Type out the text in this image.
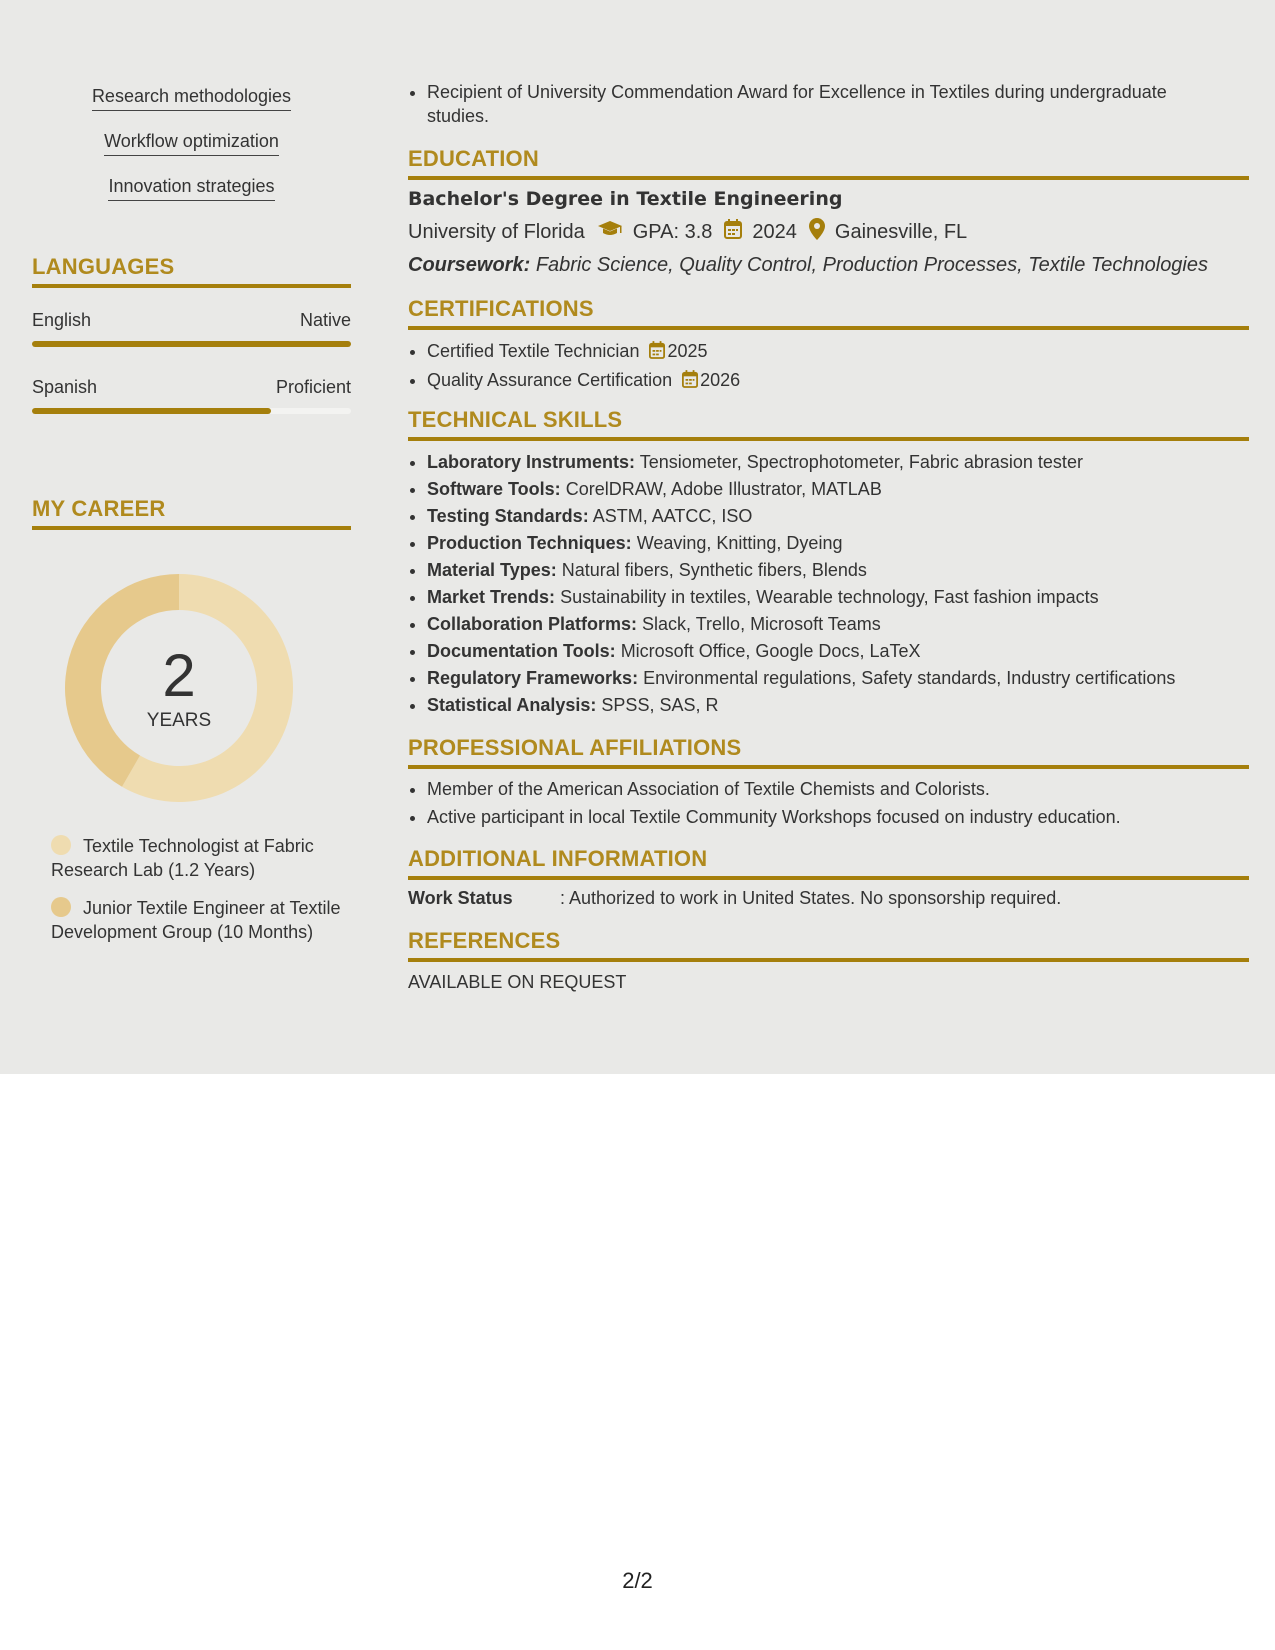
Research methodologies
Workflow optimization
Innovation strategies
LANGUAGES
English	Native
Spanish	Proficient
MY CAREER
2
YEARS
Textile Technologist at Fabric Research Lab (1.2 Years)
Junior Textile Engineer at Textile Development Group (10 Months)
• Recipient of University Commendation Award for Excellence in Textiles during undergraduate studies.
EDUCATION
Bachelor's Degree in Textile Engineering
University of Florida GPA: 3.8 2024 Gainesville, FL
Coursework: Fabric Science, Quality Control, Production Processes, Textile Technologies
CERTIFICATIONS
• Certified Textile Technician 2025
• Quality Assurance Certification 2026
TECHNICAL SKILLS
• Laboratory Instruments: Tensiometer, Spectrophotometer, Fabric abrasion tester
• Software Tools: CorelDRAW, Adobe Illustrator, MATLAB
• Testing Standards: ASTM, AATCC, ISO
• Production Techniques: Weaving, Knitting, Dyeing
• Material Types: Natural fibers, Synthetic fibers, Blends
• Market Trends: Sustainability in textiles, Wearable technology, Fast fashion impacts
• Collaboration Platforms: Slack, Trello, Microsoft Teams
• Documentation Tools: Microsoft Office, Google Docs, LaTeX
• Regulatory Frameworks: Environmental regulations, Safety standards, Industry certifications
• Statistical Analysis: SPSS, SAS, R
PROFESSIONAL AFFILIATIONS
• Member of the American Association of Textile Chemists and Colorists.
• Active participant in local Textile Community Workshops focused on industry education.
ADDITIONAL INFORMATION
Work Status	: Authorized to work in United States. No sponsorship required.
REFERENCES
AVAILABLE ON REQUEST
2/2
